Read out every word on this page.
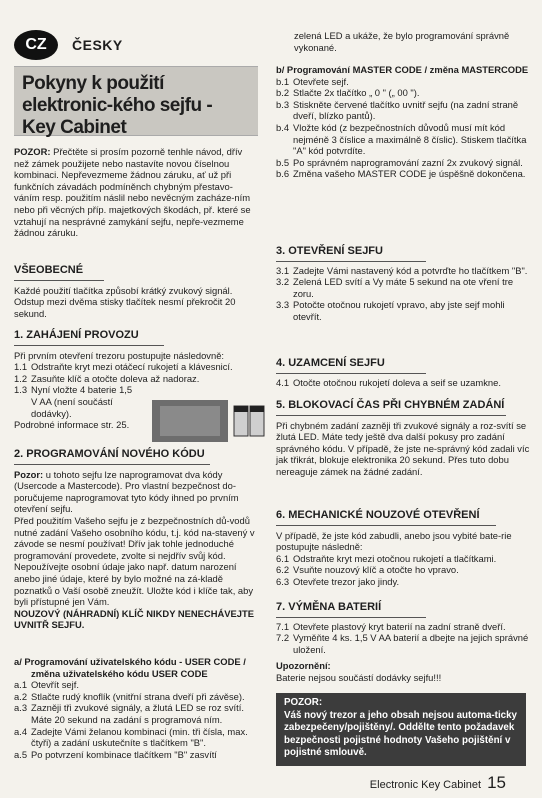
CZ	ČESKY
Pokyny k použití elektronic-kého sejfu - Key Cabinet

POZOR: Přečtěte si prosím pozorně tenhle návod, dřív než zámek použijete nebo nastavíte novou číselnou kombinaci. Nepřevezmeme žádnou záruku, ať už při funkčních závadách podmíněnch chybným přestavo-váním resp. použitím náslil nebo nevěcným zacháze-ním nebo při věcných příp. majetkových škodách, př. které se vztahují na nesprávné zamykání sejfu, nepře-vezmeme žádnou záruku.

VŠEOBECNÉ

Každé použití tlačítka způsobí krátký zvukový signál. Odstup mezi dvěma stisky tlačítek nesmí překročit 20 sekund.

1. ZAHÁJENÍ PROVOZU

Při prvním otevření trezoru postupujte následovně:

1.1 Odstraňte kryt mezi otáčecí rukojetí a klávesnicí.
1.2 Zasuňte klíč a otočte doleva až nadoraz.
1.3 Nyní vložte 4 baterie 1,5 V AA (není součástí dodávky).

Podrobné informace str. 25.

2. PROGRAMOVÁNÍ NOVÉHO KÓDU

Pozor: u tohoto sejfu lze naprogramovat dva kódy (Usercode a Mastercode). Pro vlastní bezpečnost do-poručujeme naprogramovat tyto kódy ihned po prvním otevření sejfu.

Před použitím Vašeho sejfu je z bezpečnostních dů-vodů nutné zadání Vašeho osobního kódu, t.j. kód na-stavený v závode se nesmí používat! Dřív jak tohle jednoduché programování provedete, zvolte si nejdřív svůj kód. Nepoužívejte osobní údaje jako např. datum narození anebo jiné údaje, které by bylo možné na zá-kladě poznatků o Vaší osobě zneužít. Uložte kód i klíče tak, aby byli přístupné jen Vám.

NOUZOVÝ (NÁHRADNÍ) KLÍČ NIKDY NENECHÁVEJTE UVNITŘ SEJFU.

a/ Programování uživatelského kódu - USER CODE / změna uživatelského kódu USER CODE

a.1 Otevřít sejf.
a.2 Stlačte rudý knoflík (vnitřní strana dveří při závěse).
a.3 Zazněji tři zvukové signály, a žlutá LED se roz svítí. Máte 20 sekund na zadání s programová ním.
a.4 Zadejte Vámi želanou kombinaci (min. tři čísla, max. čtyři) a zadání uskutečníte s tlačítkem "B".
a.5 Po potvrzení kombinace tlačítkem "B" zasvítí

zelená LED a ukáže, že bylo programování správně vykonané.

b/ Programování MASTER CODE / změna MASTERCODE

b.1 Otevřete sejf.
b.2 Stlačte 2x tlačítko „ 0 " („ 00 ").
b.3 Stiskněte červené tlačítko uvnitř sejfu (na zadní straně dveří, blízko pantů).
b.4 Vložte kód (z bezpečnostních důvodů musí mít kód nejméně 3 číslice a maximálně 8 číslic). Stiskem tlačítka "A" kód potvrdíte.
b.5 Po správném naprogramování zazní 2x zvukový signál.
b.6 Změna vašeho MASTER CODE je úspěšně dokončena.
3. OTEVŘENÍ SEJFU
3.1 Zadejte Vámi nastavený kód a potvrďte ho tlačítkem "B".
3.2 Zelená LED svítí a Vy máte 5 sekund na ote vření tre zoru.
3.3 Potočte otočnou rukojetí vpravo, aby jste sejf mohli otevřít.
4. UZAMCENÍ SEJFU
4.1 Otočte otočnou rukojetí doleva a seif se uzamkne.
5. BLOKOVACÍ ČAS PŘI CHYBNÉM ZADÁNÍ

Při chybném zadání zazněji tři zvukové signály a roz-svítí se žlutá LED. Máte tedy ještě dva další pokusy pro zadání správného kódu. V případě, že jste ne-správný kód zadali víc jak třikrát, blokuje elektronika 20 sekund. Přes tuto dobu nereaguje zámek na žádné zadání.

6. MECHANICKÉ NOUZOVÉ OTEVŘENÍ

V případě, že jste kód zabudli, anebo jsou vybité bate-rie postupujte následně:

6.1 Odstraňte kryt mezi otočnou rukojetí a tlačítkami.
6.2 Vsuňte nouzový klíč a otočte ho vpravo.
6.3 Otevřete trezor jako jindy.
7. VÝMĚNA BATERIÍ
7.1 Otevřete plastový kryt baterií na zadní straně dveří.
7.2 Vyměňte 4 ks. 1,5 V AA baterií a dbejte na jejich správné uložení.

Upozornění:

Baterie nejsou součástí dodávky sejfu!!!

POZOR:
Váš nový trezor a jeho obsah nejsou automa-ticky zabezpečeny/pojištěny/. Oddělte tento požadavek bezpečnosti pojistné hodnoty Vašeho pojištění v pojistné smlouvě.
Electronic Key Cabinet 15
